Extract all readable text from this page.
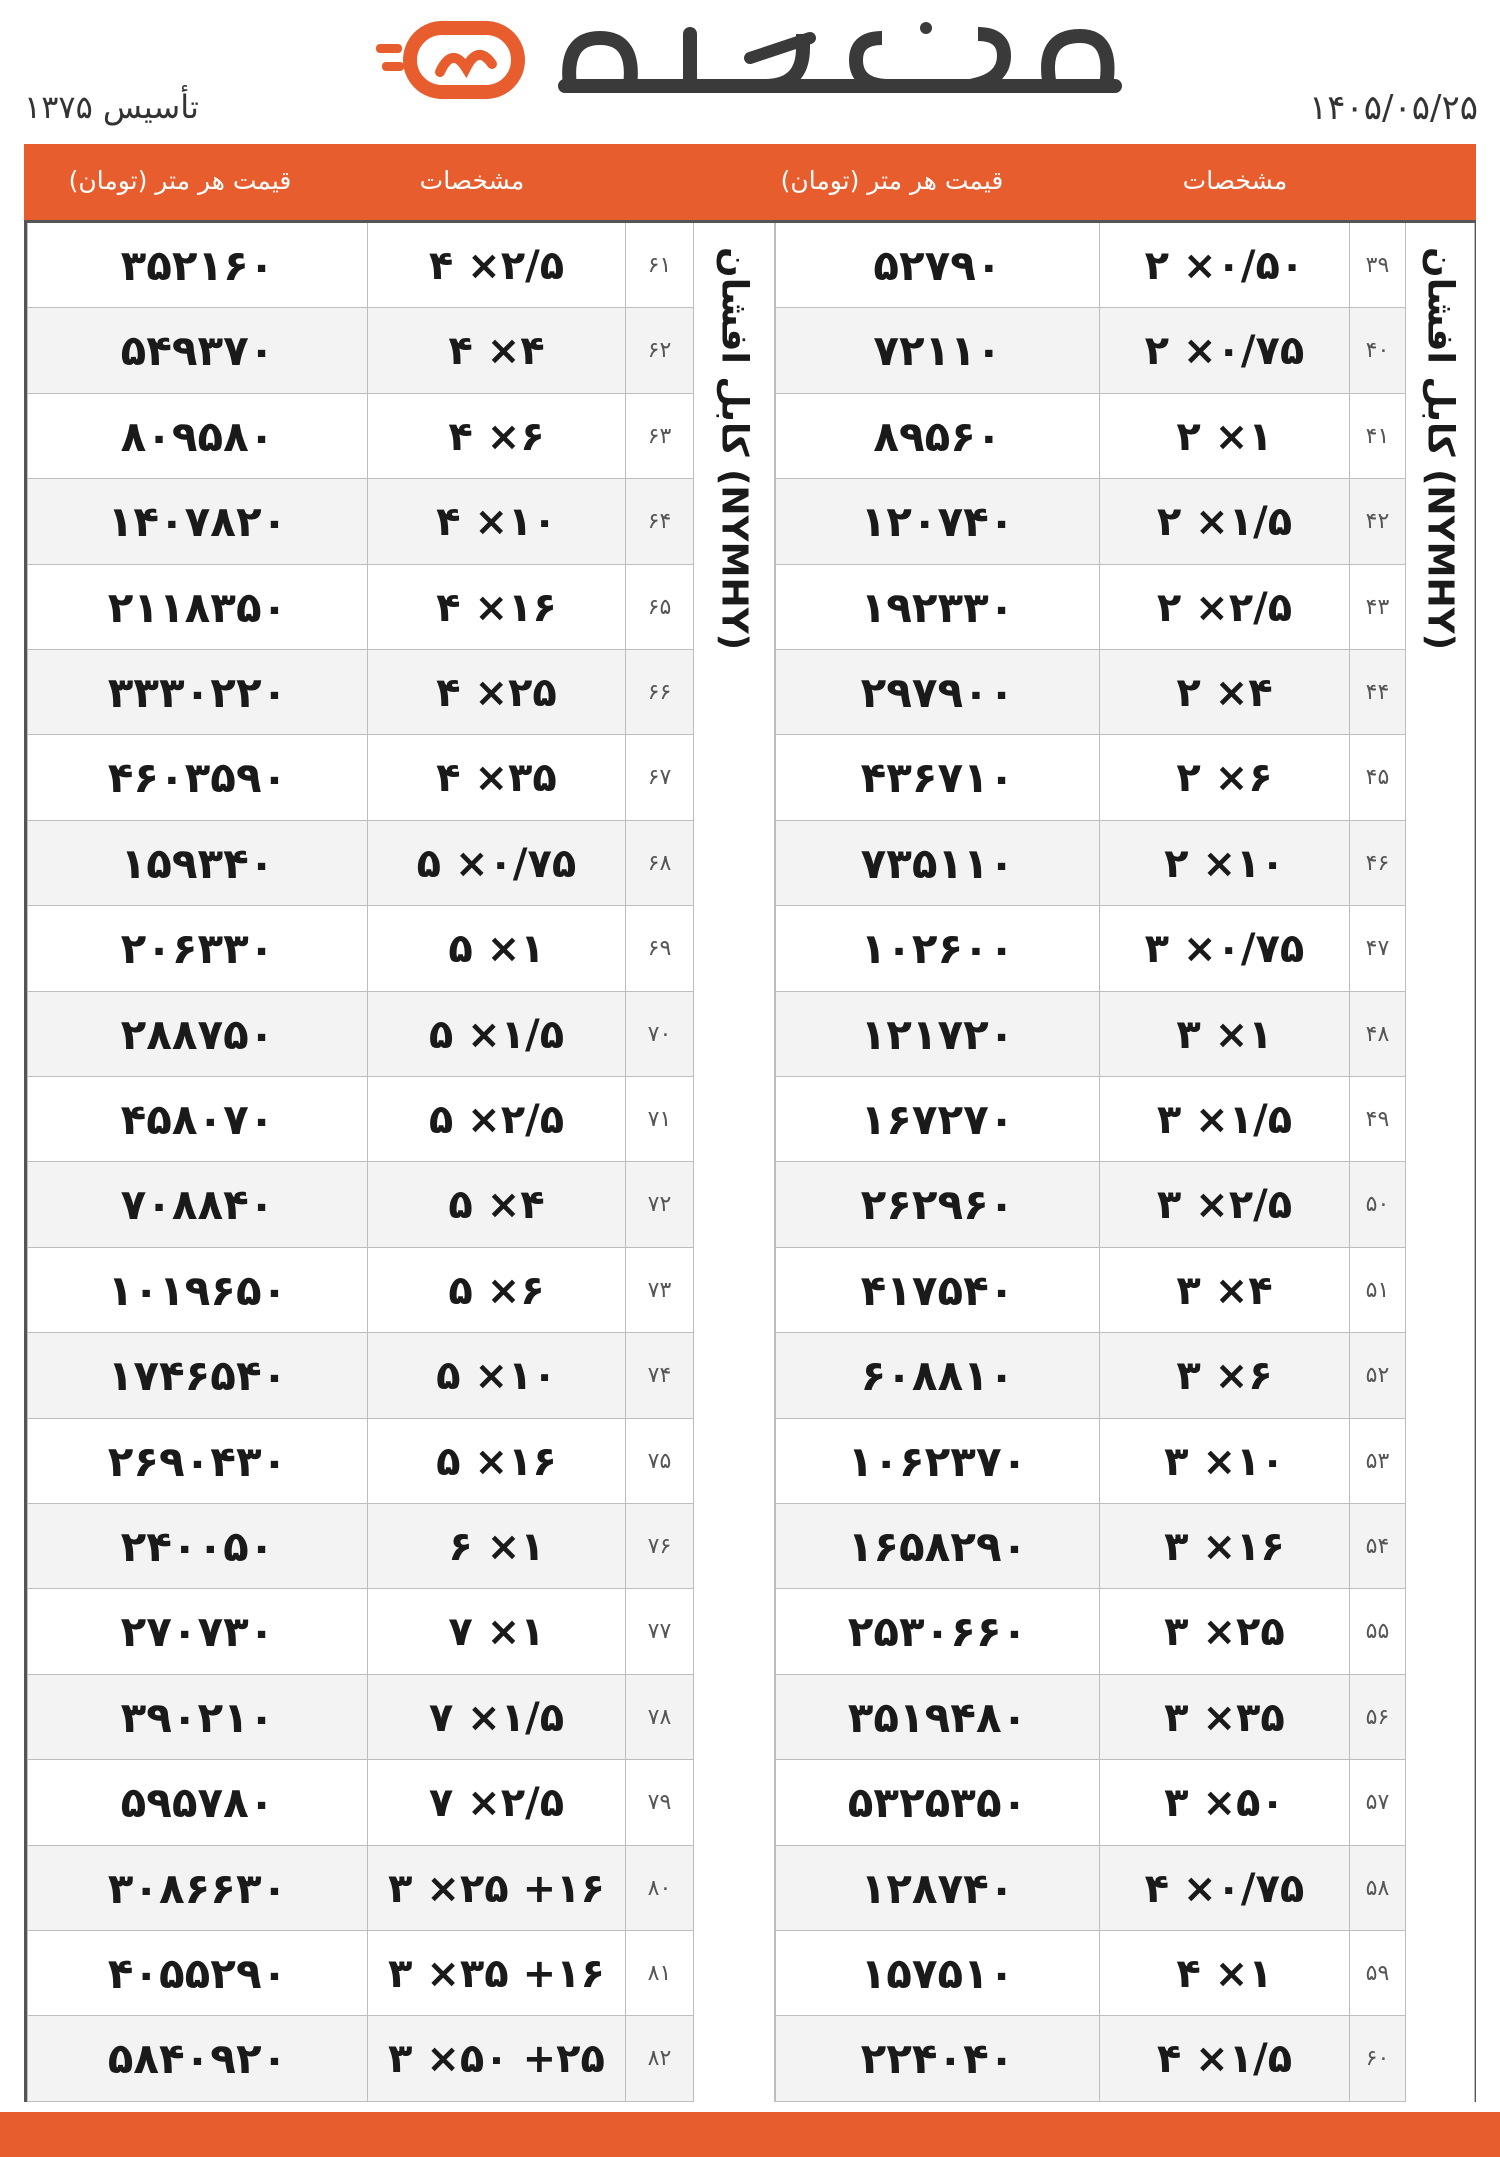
۱۴۰۵/۰۵/۲۵
تأسیس ۱۳۷۵
مشخصات
قیمت هر متر (تومان)
مشخصات
قیمت هر متر (تومان)
۵۲۷۹۰	۲ ×۰/۵۰	۳۹
۷۲۱۱۰	۲ ×۰/۷۵	۴۰
۸۹۵۶۰	۲ ×۱	۴۱
۱۲۰۷۴۰	۲ ×۱/۵	۴۲
۱۹۲۳۳۰	۲ ×۲/۵	۴۳
۲۹۷۹۰۰	۲ ×۴	۴۴
۴۳۶۷۱۰	۲ ×۶	۴۵
۷۳۵۱۱۰	۲ ×۱۰	۴۶
۱۰۲۶۰۰	۳ ×۰/۷۵	۴۷
۱۲۱۷۲۰	۳ ×۱	۴۸
۱۶۷۲۷۰	۳ ×۱/۵	۴۹
۲۶۲۹۶۰	۳ ×۲/۵	۵۰
۴۱۷۵۴۰	۳ ×۴	۵۱
۶۰۸۸۱۰	۳ ×۶	۵۲
۱۰۶۲۳۷۰	۳ ×۱۰	۵۳
۱۶۵۸۲۹۰	۳ ×۱۶	۵۴
۲۵۳۰۶۶۰	۳ ×۲۵	۵۵
۳۵۱۹۴۸۰	۳ ×۳۵	۵۶
۵۳۲۵۳۵۰	۳ ×۵۰	۵۷
۱۲۸۷۴۰	۴ ×۰/۷۵	۵۸
۱۵۷۵۱۰	۴ ×۱	۵۹
۲۲۴۰۴۰	۴ ×۱/۵	۶۰
کابل افشان (NYMHY)
۳۵۲۱۶۰	۴ ×۲/۵	۶۱
۵۴۹۳۷۰	۴ ×۴	۶۲
۸۰۹۵۸۰	۴ ×۶	۶۳
۱۴۰۷۸۲۰	۴ ×۱۰	۶۴
۲۱۱۸۳۵۰	۴ ×۱۶	۶۵
۳۳۳۰۲۲۰	۴ ×۲۵	۶۶
۴۶۰۳۵۹۰	۴ ×۳۵	۶۷
۱۵۹۳۴۰	۵ ×۰/۷۵	۶۸
۲۰۶۳۳۰	۵ ×۱	۶۹
۲۸۸۷۵۰	۵ ×۱/۵	۷۰
۴۵۸۰۷۰	۵ ×۲/۵	۷۱
۷۰۸۸۴۰	۵ ×۴	۷۲
۱۰۱۹۶۵۰	۵ ×۶	۷۳
۱۷۴۶۵۴۰	۵ ×۱۰	۷۴
۲۶۹۰۴۳۰	۵ ×۱۶	۷۵
۲۴۰۰۵۰	۶ ×۱	۷۶
۲۷۰۷۳۰	۷ ×۱	۷۷
۳۹۰۲۱۰	۷ ×۱/۵	۷۸
۵۹۵۷۸۰	۷ ×۲/۵	۷۹
۳۰۸۶۶۳۰	۳ ×۲۵ +۱۶	۸۰
۴۰۵۵۲۹۰	۳ ×۳۵ +۱۶	۸۱
۵۸۴۰۹۲۰	۳ ×۵۰ +۲۵	۸۲
کابل افشان (NYMHY)
